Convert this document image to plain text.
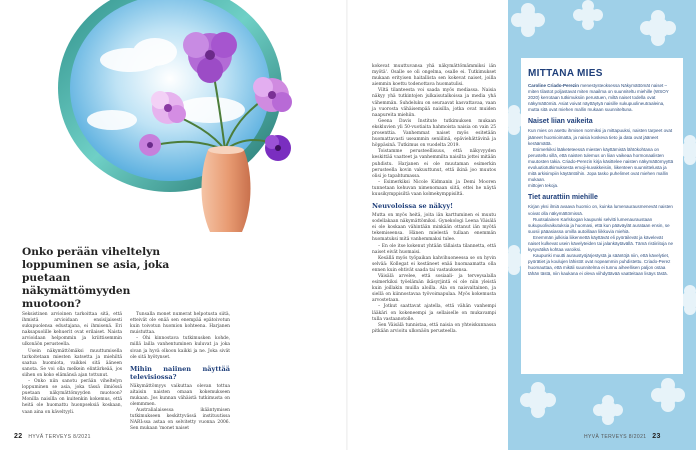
Onko perään viheltelyn loppuminen se asia, joka puetaan näkymättömyyden muotoon?

Seksistinen arvioinen tarkoittaa sitä, että ihmistä arvioidaan ensisijaisesti sukupuolensa edustajana, ei ihmisenä. Eri naksapuolille kehuerit ovat erilaiset. Naista arvioidaan helpommin ja kriittisemmin ulkonäön perusteella.

Usein näkymättömäksi muuttumisella tarkoitetaan miesten katsetta ja miehiltä saatua huomiota, vaikkei sitä ääneen sanota. Se voi olla melkein elintärkeää, jos siihen on koko elämänsä ajan tottunut.

– Onko niin sanotu perään viheltelyn loppuminen se asia, joka tässä ilmiössä puetaan näkymättömyyden muotoon? Monilla naisilla on kuitenkin kokemus, että heitä ole huomattu huonpseksiä koskaan, vaan aina on käveltyyli.

Tunsalla monet numerat helpotusta siitä, etteivät ole enää sen enempää epätoivotun kuin toivotun huomion kohteena. Harjanen muistuttaa.

– Ohi kinnostava tutkimusken kohde, millä lailla vanhentuminen kuluvat ja joka sivan ja hyvä olkoon kaikki ja ne. Joka sivät ole sitä hyötynset.

Mihin naiinen näyttää televisiossa?

Näkymättömyys vaikuttaa olevan tottua aitaisin naisten omaan kokemukseen mukaan. Jos kunnan vähäistä tutkimusta on olemmmen.

Australialaisessa ikääntymisen tutkimukseen keskittyvässä instituutissa NARI:ssa astaa on selvitetty vuonna 2006. Sen mukaan 'monet naiset

22 HYVÄ TERVEYS 8/2021

kokevat muuttuvansa yhä näkymättömämmiksi iän myötä'. Osalle se oli ongelma, osalle ei. Tutkimukset mukaan erityisen haitallista sen kokevat naiset, joilla aiemmin koettu todenottava huomatulisi.

Viltä tilanteesta voi saada myös mediassa. Naisia näkyy yhä tutkintojen julkaisutalkoissa ja media yhä vähemmän. Suhdeluku on seuraavat kasvattavaa, vaan ja vuorosta vähäisempää naisilla, jotka ovat muiden naapureita miehiin.

Geena Davis Institute tutkimuksen mukaan ekskluvien yli 50-vuotiaita hahmoista naisia on vain 25 prosenttia. Vanhemmat naiset myös esitetään huomattavasti useammin seniilinä, epäviehättävinä ja höppäsinä. Tutkimus on vuodelta 2019.

Toistamme perusteellisuus, että näkyvyyden keskittää vaatteet ja vanhemmilta naisilta jottei mitään puhdistu. Harjanen ei ole muutaman esimerkin perusteella kovin vakuuttunut, että ikinä joo muutos olisi jo tapahtumassa.

– Esimerkiksi Nicole Kidmanin ja Demi Mooren tunnetaan kehuvan nimenomaan siitä, ettei he näytä kuusikymppisiltä vaan kolmekymppisiltä.

Neuvoloissa se näkyy!

Mutta on myös heitä, joita iän karttuminen ei muutu sodellakaan näkymättömiksi. Gynekologi Leena Väisälä ei ole koskaan vähintään minkään ottanut iän myötä tekemiseensa. Hänen mielestä tullaan enemmän huomatuksi mitä vanhemmaksi tulee.

– En ole itse kokenut yhtään tällaista tilannetta, että naiset eivät huomaisi.

Kesällä myös työpaikan kahvihuoneessa se on hyvin selvää: Kollegat ei kestäneet enää huomaamatta olla ennen kuin ehtivät saada tai vastauksensa.

Väisälä arvelee, että sosiaali- ja terveysalalla esimerkiksi työelämän ikäsyrjintä ei ole niin yleistä kuin joillakin muilla aloilla. Ala on naisvaltainen, ja siellä on kiinnostavaa työvoimapulaa. Myös kokemusta arvostetaan.

– Jotkut saattavat ajatella, että vähän vanhempi lääkäri on kokeneempi ja sellaiselle on mukavampi tulla vastaanotolle.

Sen Väisälä tunnistaa, että naisia on yhteiskunnassa pitkään arvioitu ulkonäön perusteella.

MITTANA MIES

Caroline Criado-Perezin menestysteoksessa Näkymättömät naiset – miten tilastot poljastavat miten maailma on suunniteltu miehille (WSOY 2020) kerrotaan tutkimuksiin perustuen, miltä naiset todella ovat näkymättömiä. Asiat voivat näyttäytyä naisille sukupuolineutraaleina, mutta sitä ovat miehen mallin mukaan suunniteltuna.

Naiset liian vaikeita

Kun mies on asettu ihmisen normiksi ja mittapuuksi, naisten tarpeet ovat jääneet huomioimatta, ja naisia koskeva tieto ja data ovat jääneet keräämättä.

Esimerkiksi lääketeteessä miesten käyttämistä lähtökohtana on perusteltu sillä, että naisten tulemus on liian vaikeaa hormonaalisten muutosten takia. Criado-Perezin kirja käsittelee naisten näkymättömyyttä evoluutiotutkimuksesta emoji-kuvakkeisiin, liikenteen suunnittelusta ja mitä arkisimpiin käytäntöihin. Jopa tasko puhelimet ovat miehen mallin mukaan.

mittojen tekoja.

Tiet aurattiin miehille

Kirjan yksi ilmiä avaava huomio on, kuinka lumenaurausmenevät naisten voivat olla näkymättömissä.

Ruotsalainen Karlskogan kaupunki selvitti lumenauraustaan sukupuolivaikutuksia ja huomasi, että kun pääväylät aurataan ensin, se suosii pääasiassa omilla autoillaan liikkuvia miehiä.

Enemmän julkisia liikennettä käyttävät eli pyöräilevät ja kävelevät naiset kulkevat usein kävelyteiden tai jalankäytävällä. Tämä ristiiriitoja ne kysyvätikä kohtaa varoiksi.

Kaupunki muutti auraustyöjärjestystä ja sääntöjä niin, että kävelytiet, pyörätiet ja koulujen lähistöt ovat nopeammin puhdistettu. Criado-Perez huomauttaa, että mikäli suunnitelma ei tunnu aiheellisen paljon ostaa tähän tästä, niin kaukana ei oleva viihdyttävää vaatteitaan lisäys tästä.

HYVÄ TERVEYS 8/2021 23
